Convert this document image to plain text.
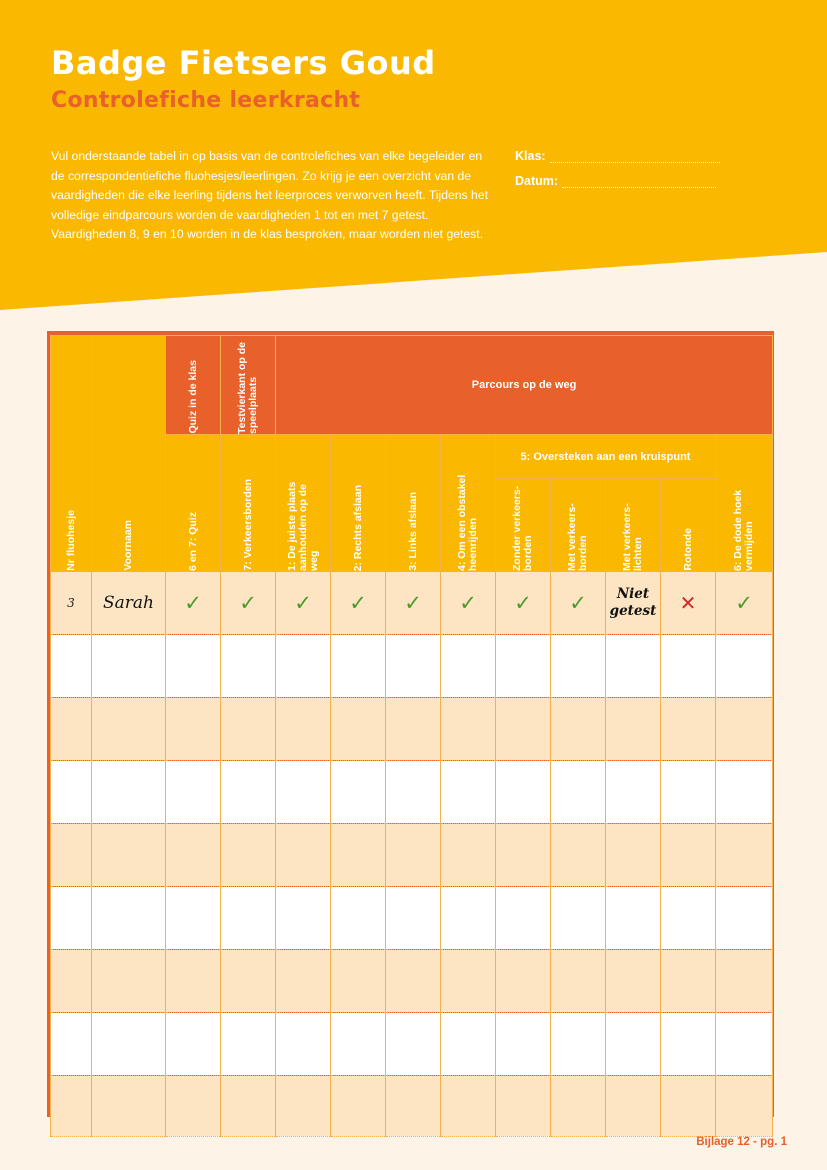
Badge Fietsers Goud
Controlefiche leerkracht

Vul onderstaande tabel in op basis van de controlefiches van elke begeleider en de correspondentiefiche fluohesjes/leerlingen. Zo krijg je een overzicht van de vaardigheden die elke leerling tijdens het leerproces verworven heeft. Tijdens het volledige eindparcours worden de vaardigheden 1 tot en met 7 getest. Vaardigheden 8, 9 en 10 worden in de klas besproken, maar worden niet getest.

Klas:
Datum:
Nr fluohesje	Voornaam	Quiz in de klas	Testvierkant op de speelplaats	Parcours op de weg								

		6 en 7: Quiz	7: Verkeersborden	1: De juiste plaats aanhouden op de weg	2: Rechts afslaan	3: Links afslaan	4: Om een obstakel heenrijden	5: Oversteken aan een kruispunt				6: De dode hoek vermijden

								Zonder verkeers-borden	Met verkeers-borden	Met verkeers-lichten	Rotonde	

3	Sarah	✓	✓	✓	✓	✓	✓	✓	✓	Niet getest	✕	✓

Bijlage 12 - pg. 1
